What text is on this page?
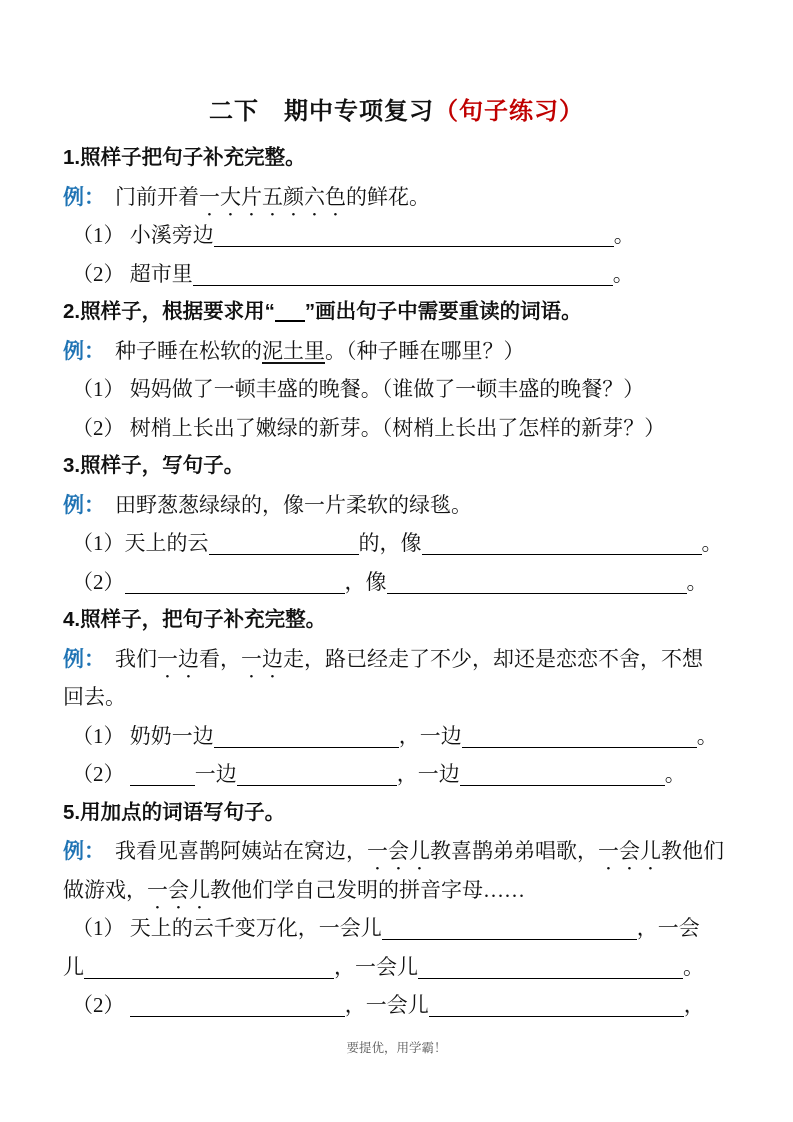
二下　期中专项复习（句子练习）
1.照样子把句子补充完整。
例： 门前开着一大片五颜六色的鲜花。
（1） 小溪旁边	。
（2） 超市里	。
2.照样子，根据要求用“ ”画出句子中需要重读的词语。
例： 种子睡在松软的泥土里。（种子睡在哪里？）
（1） 妈妈做了一顿丰盛的晚餐。（谁做了一顿丰盛的晚餐？）
（2） 树梢上长出了嫩绿的新芽。（树梢上长出了怎样的新芽？）
3.照样子，写句子。
例： 田野葱葱绿绿的，像一片柔软的绿毯。
（1）天上的云	的，像	。
（2）	，像	。
4.照样子，把句子补充完整。
例： 我们一边看，一边走，路已经走了不少，却还是恋恋不舍，不想
回去。
（1） 奶奶一边	，一边	。
（2）	一边	，一边	。
5.用加点的词语写句子。
例： 我看见喜鹊阿姨站在窝边，一会儿教喜鹊弟弟唱歌，一会儿教他们
做游戏，一会儿教他们学自己发明的拼音字母……
（1） 天上的云千变万化，一会儿	，一会
儿	，一会儿	。
（2）	，一会儿	，
要提优，用学霸！
